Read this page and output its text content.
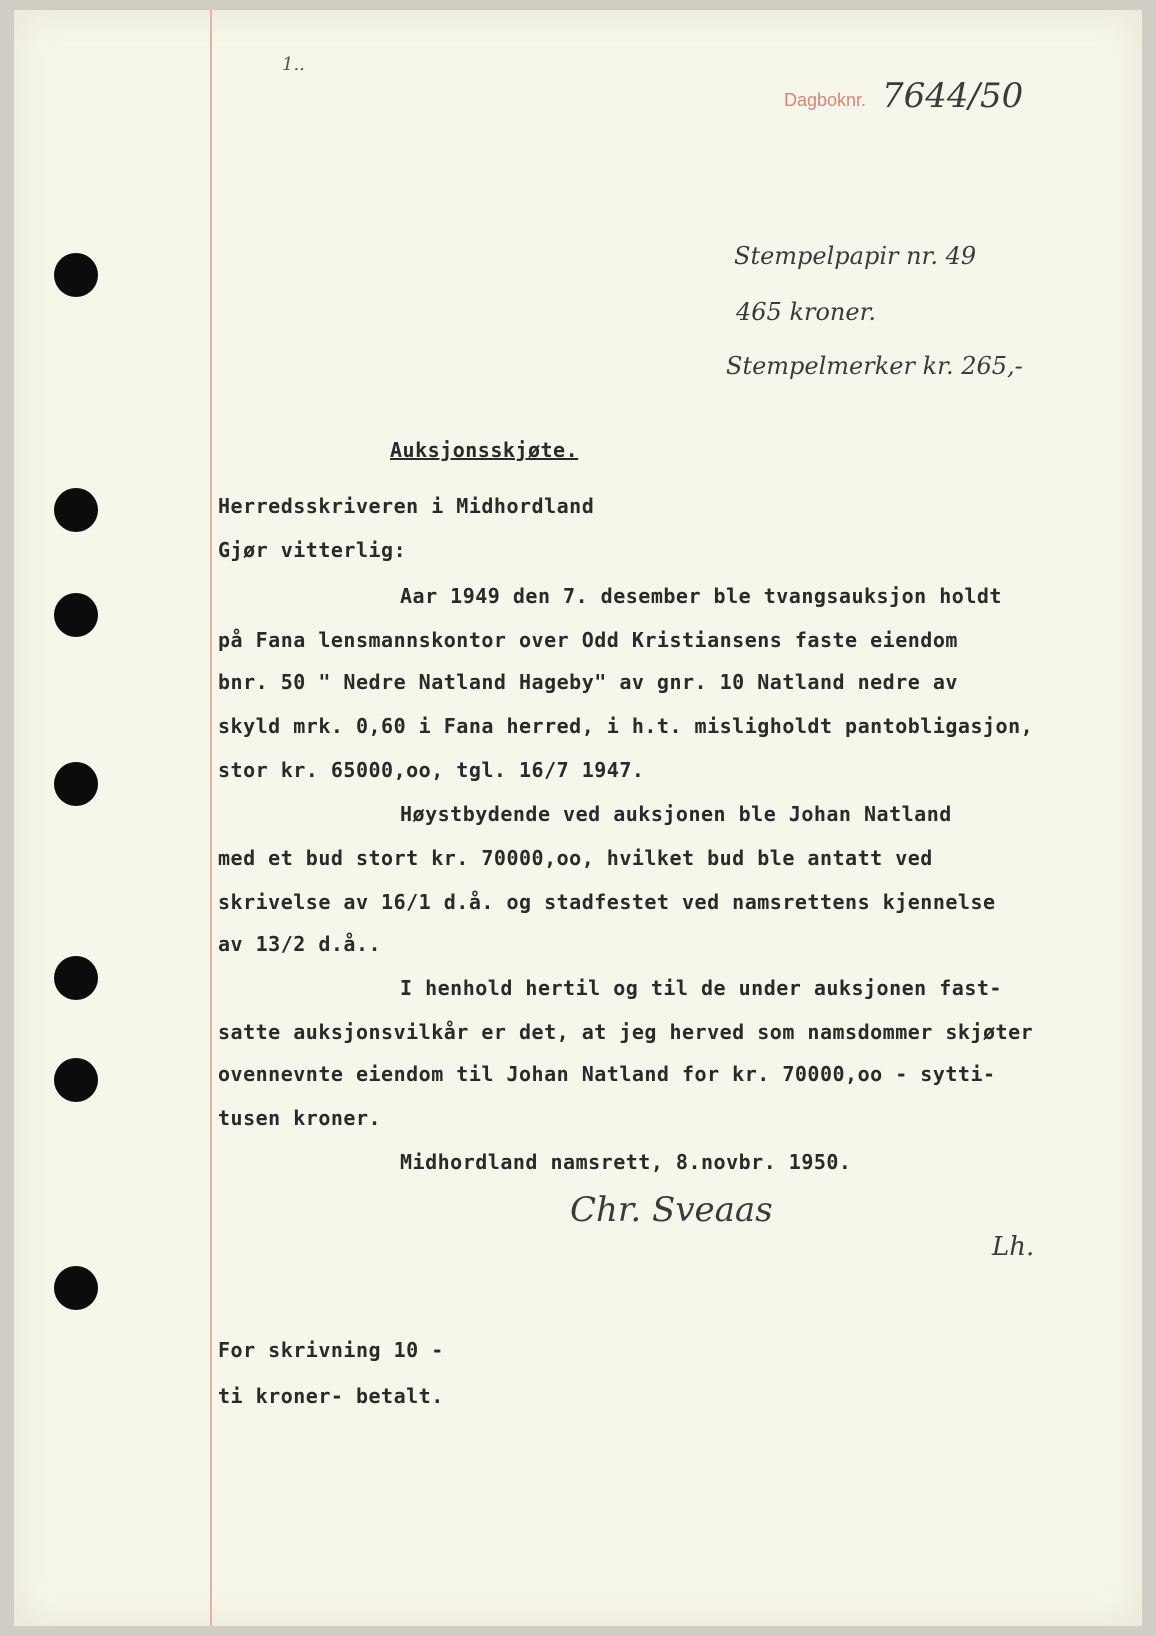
1..
Dagboknr. 7644/50
Stempelpapir nr. 49
465 kroner.
Stempelmerker kr. 265,-
Auksjonsskjøte.
Herredsskriveren i Midhordland
Gjør vitterlig:
Aar 1949 den 7. desember ble tvangsauksjon holdt
på Fana lensmannskontor over Odd Kristiansens faste eiendom
bnr. 50 " Nedre Natland Hageby" av gnr. 10 Natland nedre av
skyld mrk. 0,60 i Fana herred, i h.t. misligholdt pantobligasjon,
stor kr. 65000,oo, tgl. 16/7 1947.
Høystbydende ved auksjonen ble Johan Natland
med et bud stort kr. 70000,oo, hvilket bud ble antatt ved
skrivelse av 16/1 d.å. og stadfestet ved namsrettens kjennelse
av 13/2 d.å..
I henhold hertil og til de under auksjonen fast-
satte auksjonsvilkår er det, at jeg herved som namsdommer skjøter
ovennevnte eiendom til Johan Natland for kr. 70000,oo - sytti-
tusen kroner.
Midhordland namsrett, 8.novbr. 1950.
Chr. Sveaas
Lh.
For skrivning 10 -
ti kroner- betalt.
